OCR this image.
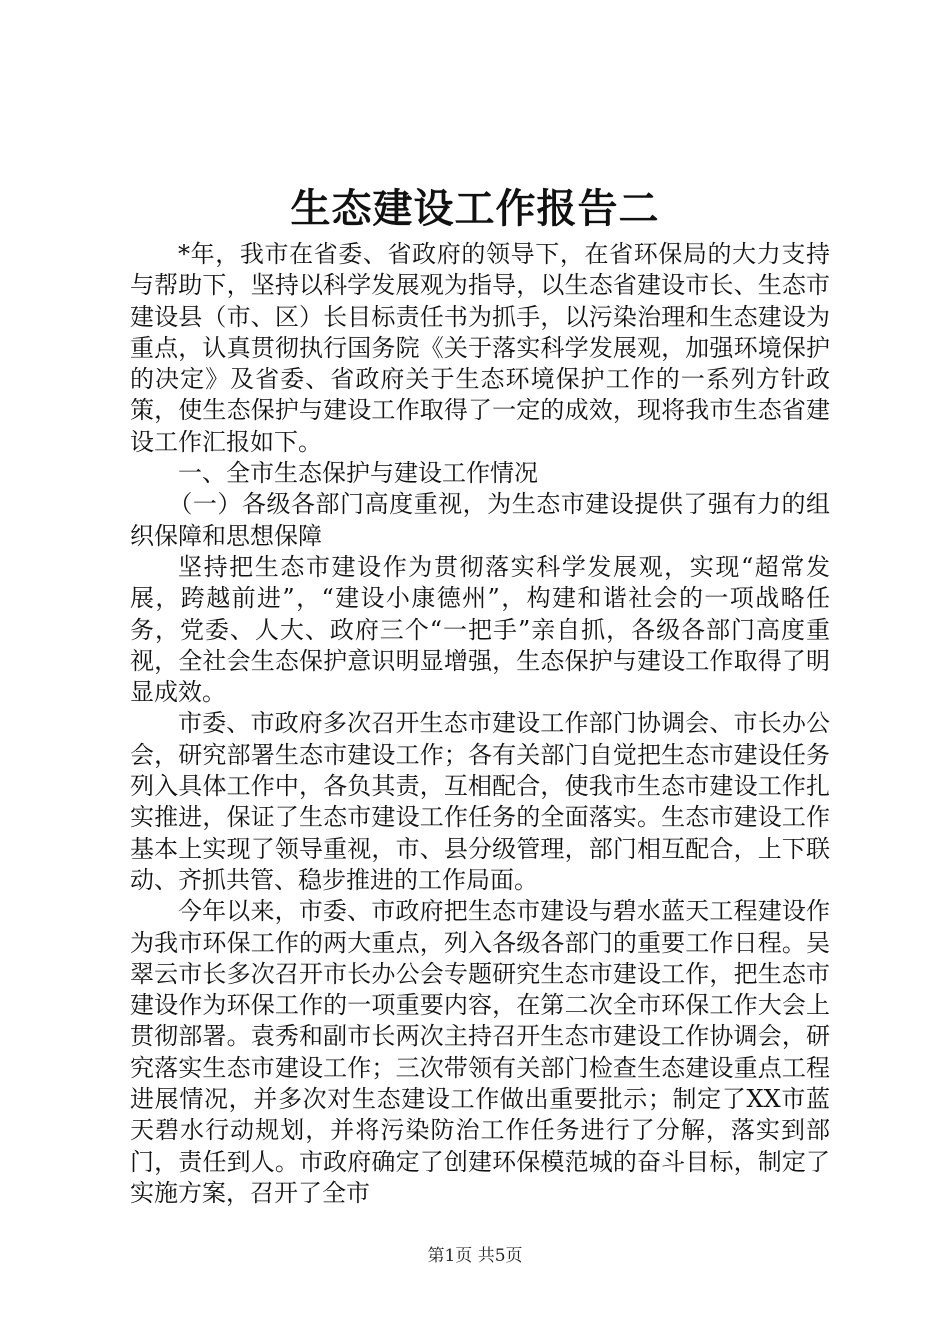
生态建设工作报告二

*年，我市在省委、省政府的领导下，在省环保局的大力支持与帮助下，坚持以科学发展观为指导，以生态省建设市长、生态市建设县（市、区）长目标责任书为抓手，以污染治理和生态建设为重点，认真贯彻执行国务院《关于落实科学发展观，加强环境保护的决定》及省委、省政府关于生态环境保护工作的一系列方针政策，使生态保护与建设工作取得了一定的成效，现将我市生态省建设工作汇报如下。

一、全市生态保护与建设工作情况

（一）各级各部门高度重视，为生态市建设提供了强有力的组织保障和思想保障

坚持把生态市建设作为贯彻落实科学发展观，实现“超常发展，跨越前进”，“建设小康德州”，构建和谐社会的一项战略任务，党委、人大、政府三个“一把手”亲自抓，各级各部门高度重视，全社会生态保护意识明显增强，生态保护与建设工作取得了明显成效。

市委、市政府多次召开生态市建设工作部门协调会、市长办公会，研究部署生态市建设工作；各有关部门自觉把生态市建设任务列入具体工作中，各负其责，互相配合，使我市生态市建设工作扎实推进，保证了生态市建设工作任务的全面落实。生态市建设工作基本上实现了领导重视，市、县分级管理，部门相互配合，上下联动、齐抓共管、稳步推进的工作局面。

今年以来，市委、市政府把生态市建设与碧水蓝天工程建设作为我市环保工作的两大重点，列入各级各部门的重要工作日程。吴翠云市长多次召开市长办公会专题研究生态市建设工作，把生态市建设作为环保工作的一项重要内容，在第二次全市环保工作大会上贯彻部署。袁秀和副市长两次主持召开生态市建设工作协调会，研究落实生态市建设工作；三次带领有关部门检查生态建设重点工程进展情况，并多次对生态建设工作做出重要批示；制定了XX市蓝天碧水行动规划，并将污染防治工作任务进行了分解，落实到部门，责任到人。市政府确定了创建环保模范城的奋斗目标，制定了实施方案，召开了全市

第1页 共5页
